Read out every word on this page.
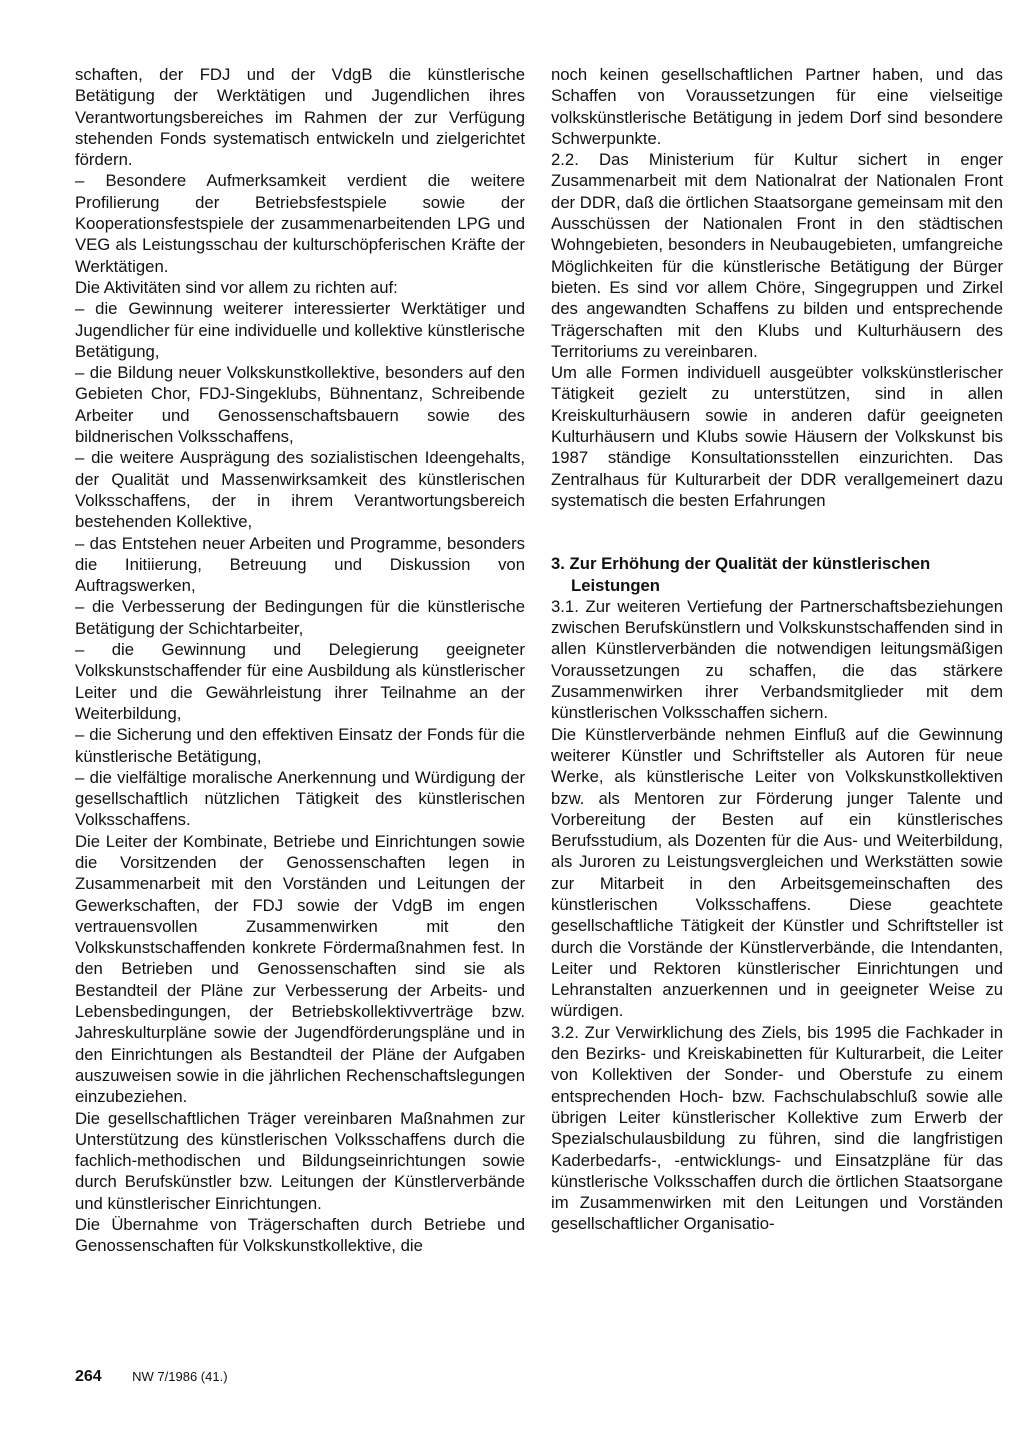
schaften, der FDJ und der VdgB die künstlerische Betätigung der Werktätigen und Jugendlichen ihres Verantwortungsbereiches im Rahmen der zur Verfügung stehenden Fonds systematisch entwickeln und zielgerichtet fördern.

– Besondere Aufmerksamkeit verdient die weitere Profilierung der Betriebsfestspiele sowie der Kooperationsfestspiele der zusammenarbeitenden LPG und VEG als Leistungsschau der kulturschöpferischen Kräfte der Werktätigen.

Die Aktivitäten sind vor allem zu richten auf:

– die Gewinnung weiterer interessierter Werktätiger und Jugendlicher für eine individuelle und kollektive künstlerische Betätigung,

– die Bildung neuer Volkskunstkollektive, besonders auf den Gebieten Chor, FDJ-Singeklubs, Bühnentanz, Schreibende Arbeiter und Genossenschaftsbauern sowie des bildnerischen Volksschaffens,

– die weitere Ausprägung des sozialistischen Ideengehalts, der Qualität und Massenwirksamkeit des künstlerischen Volksschaffens, der in ihrem Verantwortungsbereich bestehenden Kollektive,

– das Entstehen neuer Arbeiten und Programme, besonders die Initiierung, Betreuung und Diskussion von Auftragswerken,

– die Verbesserung der Bedingungen für die künstlerische Betätigung der Schichtarbeiter,

– die Gewinnung und Delegierung geeigneter Volkskunstschaffender für eine Ausbildung als künstlerischer Leiter und die Gewährleistung ihrer Teilnahme an der Weiterbildung,

– die Sicherung und den effektiven Einsatz der Fonds für die künstlerische Betätigung,

– die vielfältige moralische Anerkennung und Würdigung der gesellschaftlich nützlichen Tätigkeit des künstlerischen Volksschaffens.

Die Leiter der Kombinate, Betriebe und Einrichtungen sowie die Vorsitzenden der Genossenschaften legen in Zusammenarbeit mit den Vorständen und Leitungen der Gewerkschaften, der FDJ sowie der VdgB im engen vertrauensvollen Zusammenwirken mit den Volkskunstschaffenden konkrete Fördermaßnahmen fest. In den Betrieben und Genossenschaften sind sie als Bestandteil der Pläne zur Verbesserung der Arbeits- und Lebensbedingungen, der Betriebskollektivverträge bzw. Jahreskulturpläne sowie der Jugendförderungspläne und in den Einrichtungen als Bestandteil der Pläne der Aufgaben auszuweisen sowie in die jährlichen Rechenschaftslegungen einzubeziehen.

Die gesellschaftlichen Träger vereinbaren Maßnahmen zur Unterstützung des künstlerischen Volksschaffens durch die fachlich-methodischen und Bildungseinrichtungen sowie durch Berufskünstler bzw. Leitungen der Künstlerverbände und künstlerischer Einrichtungen.

Die Übernahme von Trägerschaften durch Betriebe und Genossenschaften für Volkskunstkollektive, die

noch keinen gesellschaftlichen Partner haben, und das Schaffen von Voraussetzungen für eine vielseitige volkskünstlerische Betätigung in jedem Dorf sind besondere Schwerpunkte.

2.2. Das Ministerium für Kultur sichert in enger Zusammenarbeit mit dem Nationalrat der Nationalen Front der DDR, daß die örtlichen Staatsorgane gemeinsam mit den Ausschüssen der Nationalen Front in den städtischen Wohngebieten, besonders in Neubaugebieten, umfangreiche Möglichkeiten für die künstlerische Betätigung der Bürger bieten. Es sind vor allem Chöre, Singegruppen und Zirkel des angewandten Schaffens zu bilden und entsprechende Trägerschaften mit den Klubs und Kulturhäusern des Territoriums zu vereinbaren.

Um alle Formen individuell ausgeübter volkskünstlerischer Tätigkeit gezielt zu unterstützen, sind in allen Kreiskulturhäusern sowie in anderen dafür geeigneten Kulturhäusern und Klubs sowie Häusern der Volkskunst bis 1987 ständige Konsultationsstellen einzurichten. Das Zentralhaus für Kulturarbeit der DDR verallgemeinert dazu systematisch die besten Erfahrungen

3. Zur Erhöhung der Qualität der künstlerischen
Leistungen

3.1. Zur weiteren Vertiefung der Partnerschaftsbeziehungen zwischen Berufskünstlern und Volkskunstschaffenden sind in allen Künstlerverbänden die notwendigen leitungsmäßigen Voraussetzungen zu schaffen, die das stärkere Zusammenwirken ihrer Verbandsmitglieder mit dem künstlerischen Volksschaffen sichern.

Die Künstlerverbände nehmen Einfluß auf die Gewinnung weiterer Künstler und Schriftsteller als Autoren für neue Werke, als künstlerische Leiter von Volkskunstkollektiven bzw. als Mentoren zur Förderung junger Talente und Vorbereitung der Besten auf ein künstlerisches Berufsstudium, als Dozenten für die Aus- und Weiterbildung, als Juroren zu Leistungsvergleichen und Werkstätten sowie zur Mitarbeit in den Arbeitsgemeinschaften des künstlerischen Volksschaffens. Diese geachtete gesellschaftliche Tätigkeit der Künstler und Schriftsteller ist durch die Vorstände der Künstlerverbände, die Intendanten, Leiter und Rektoren künstlerischer Einrichtungen und Lehranstalten anzuerkennen und in geeigneter Weise zu würdigen.

3.2. Zur Verwirklichung des Ziels, bis 1995 die Fachkader in den Bezirks- und Kreiskabinetten für Kulturarbeit, die Leiter von Kollektiven der Sonder- und Oberstufe zu einem entsprechenden Hoch- bzw. Fachschulabschluß sowie alle übrigen Leiter künstlerischer Kollektive zum Erwerb der Spezialschulausbildung zu führen, sind die langfristigen Kaderbedarfs-, -entwicklungs- und Einsatzpläne für das künstlerische Volksschaffen durch die örtlichen Staatsorgane im Zusammenwirken mit den Leitungen und Vorständen gesellschaftlicher Organisatio-

264 NW 7/1986 (41.)
